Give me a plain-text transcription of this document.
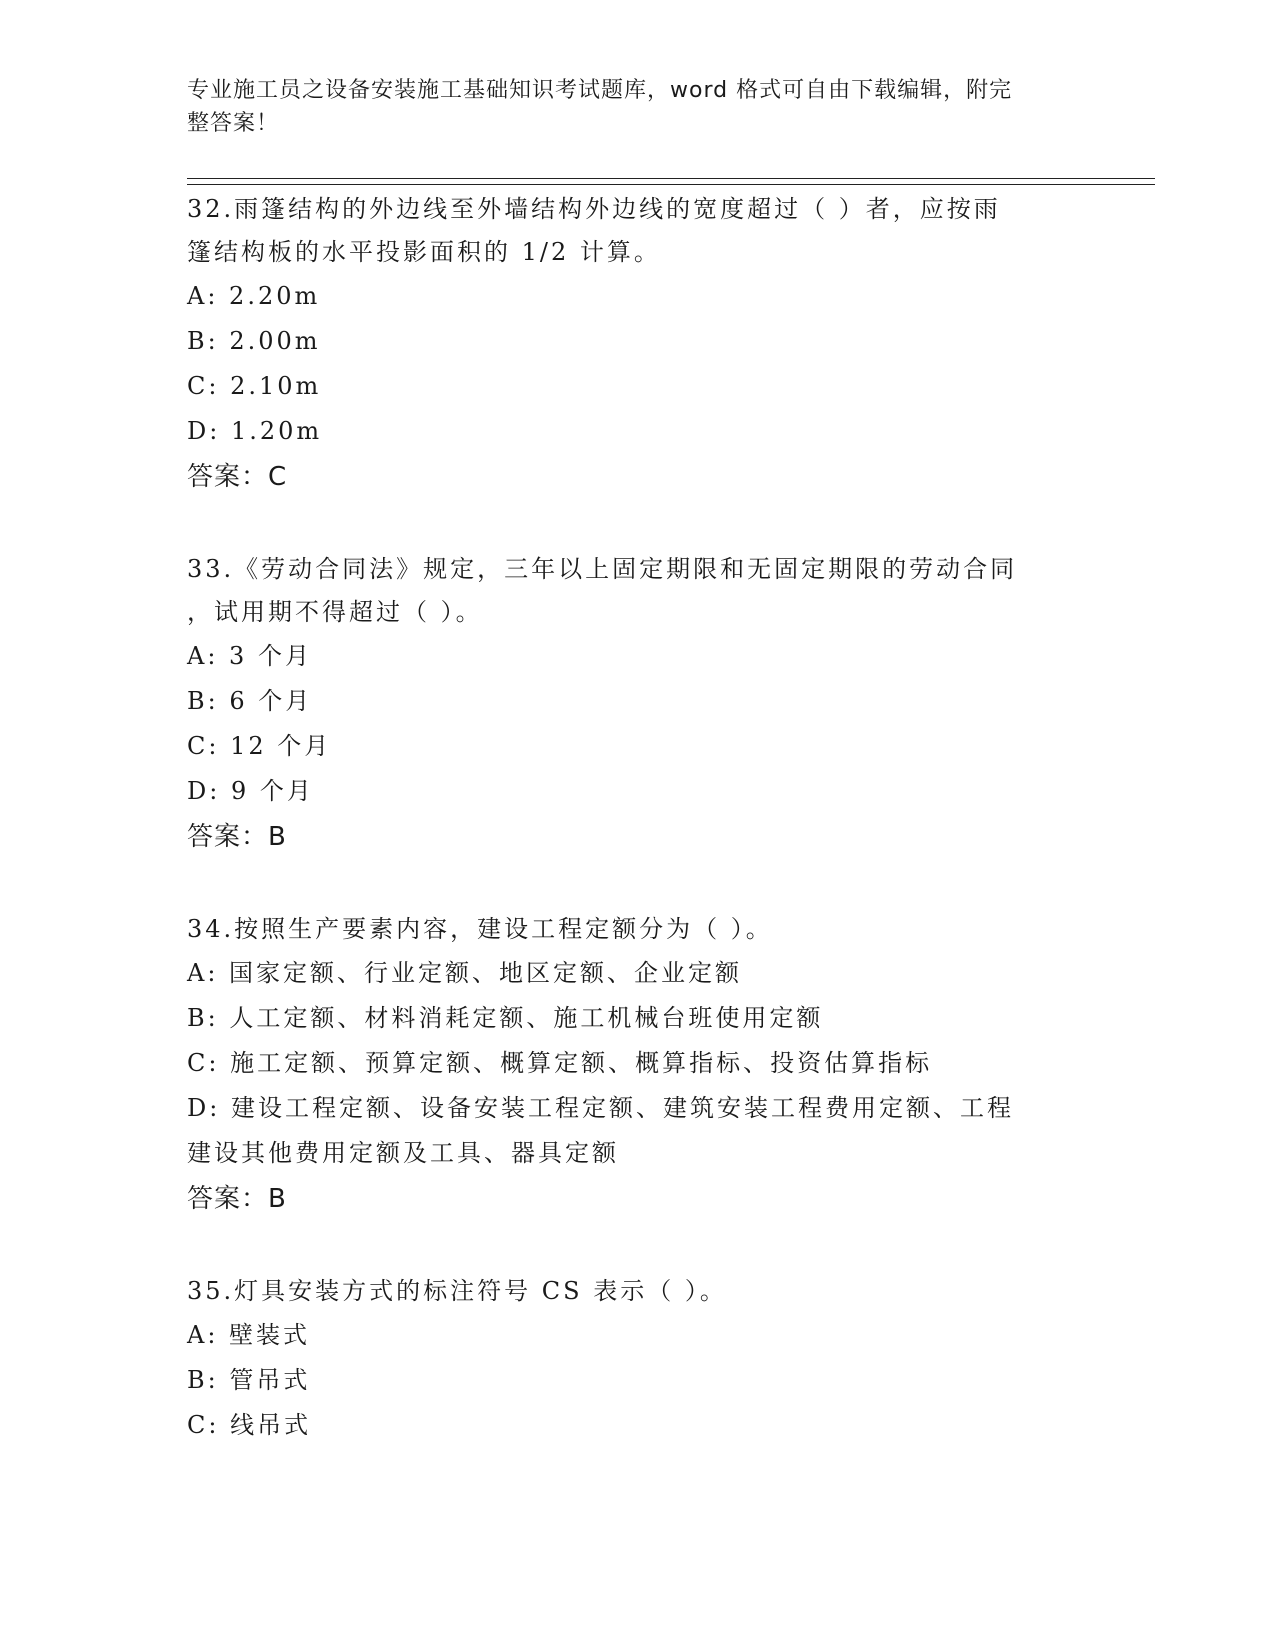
专业施工员之设备安装施工基础知识考试题库，word 格式可自由下载编辑，附完
整答案！
32.雨篷结构的外边线至外墙结构外边线的宽度超过（ ）者，应按雨
篷结构板的水平投影面积的 1/2 计算。
A: 2.20m
B: 2.00m
C: 2.10m
D: 1.20m
答案：C
33.《劳动合同法》规定，三年以上固定期限和无固定期限的劳动合同
，试用期不得超过（ ）。
A: 3 个月
B: 6 个月
C: 12 个月
D: 9 个月
答案：B
34.按照生产要素内容，建设工程定额分为（ ）。
A: 国家定额、行业定额、地区定额、企业定额
B: 人工定额、材料消耗定额、施工机械台班使用定额
C: 施工定额、预算定额、概算定额、概算指标、投资估算指标
D: 建设工程定额、设备安装工程定额、建筑安装工程费用定额、工程
建设其他费用定额及工具、器具定额
答案：B
35.灯具安装方式的标注符号 CS 表示（ ）。
A: 壁装式
B: 管吊式
C: 线吊式
